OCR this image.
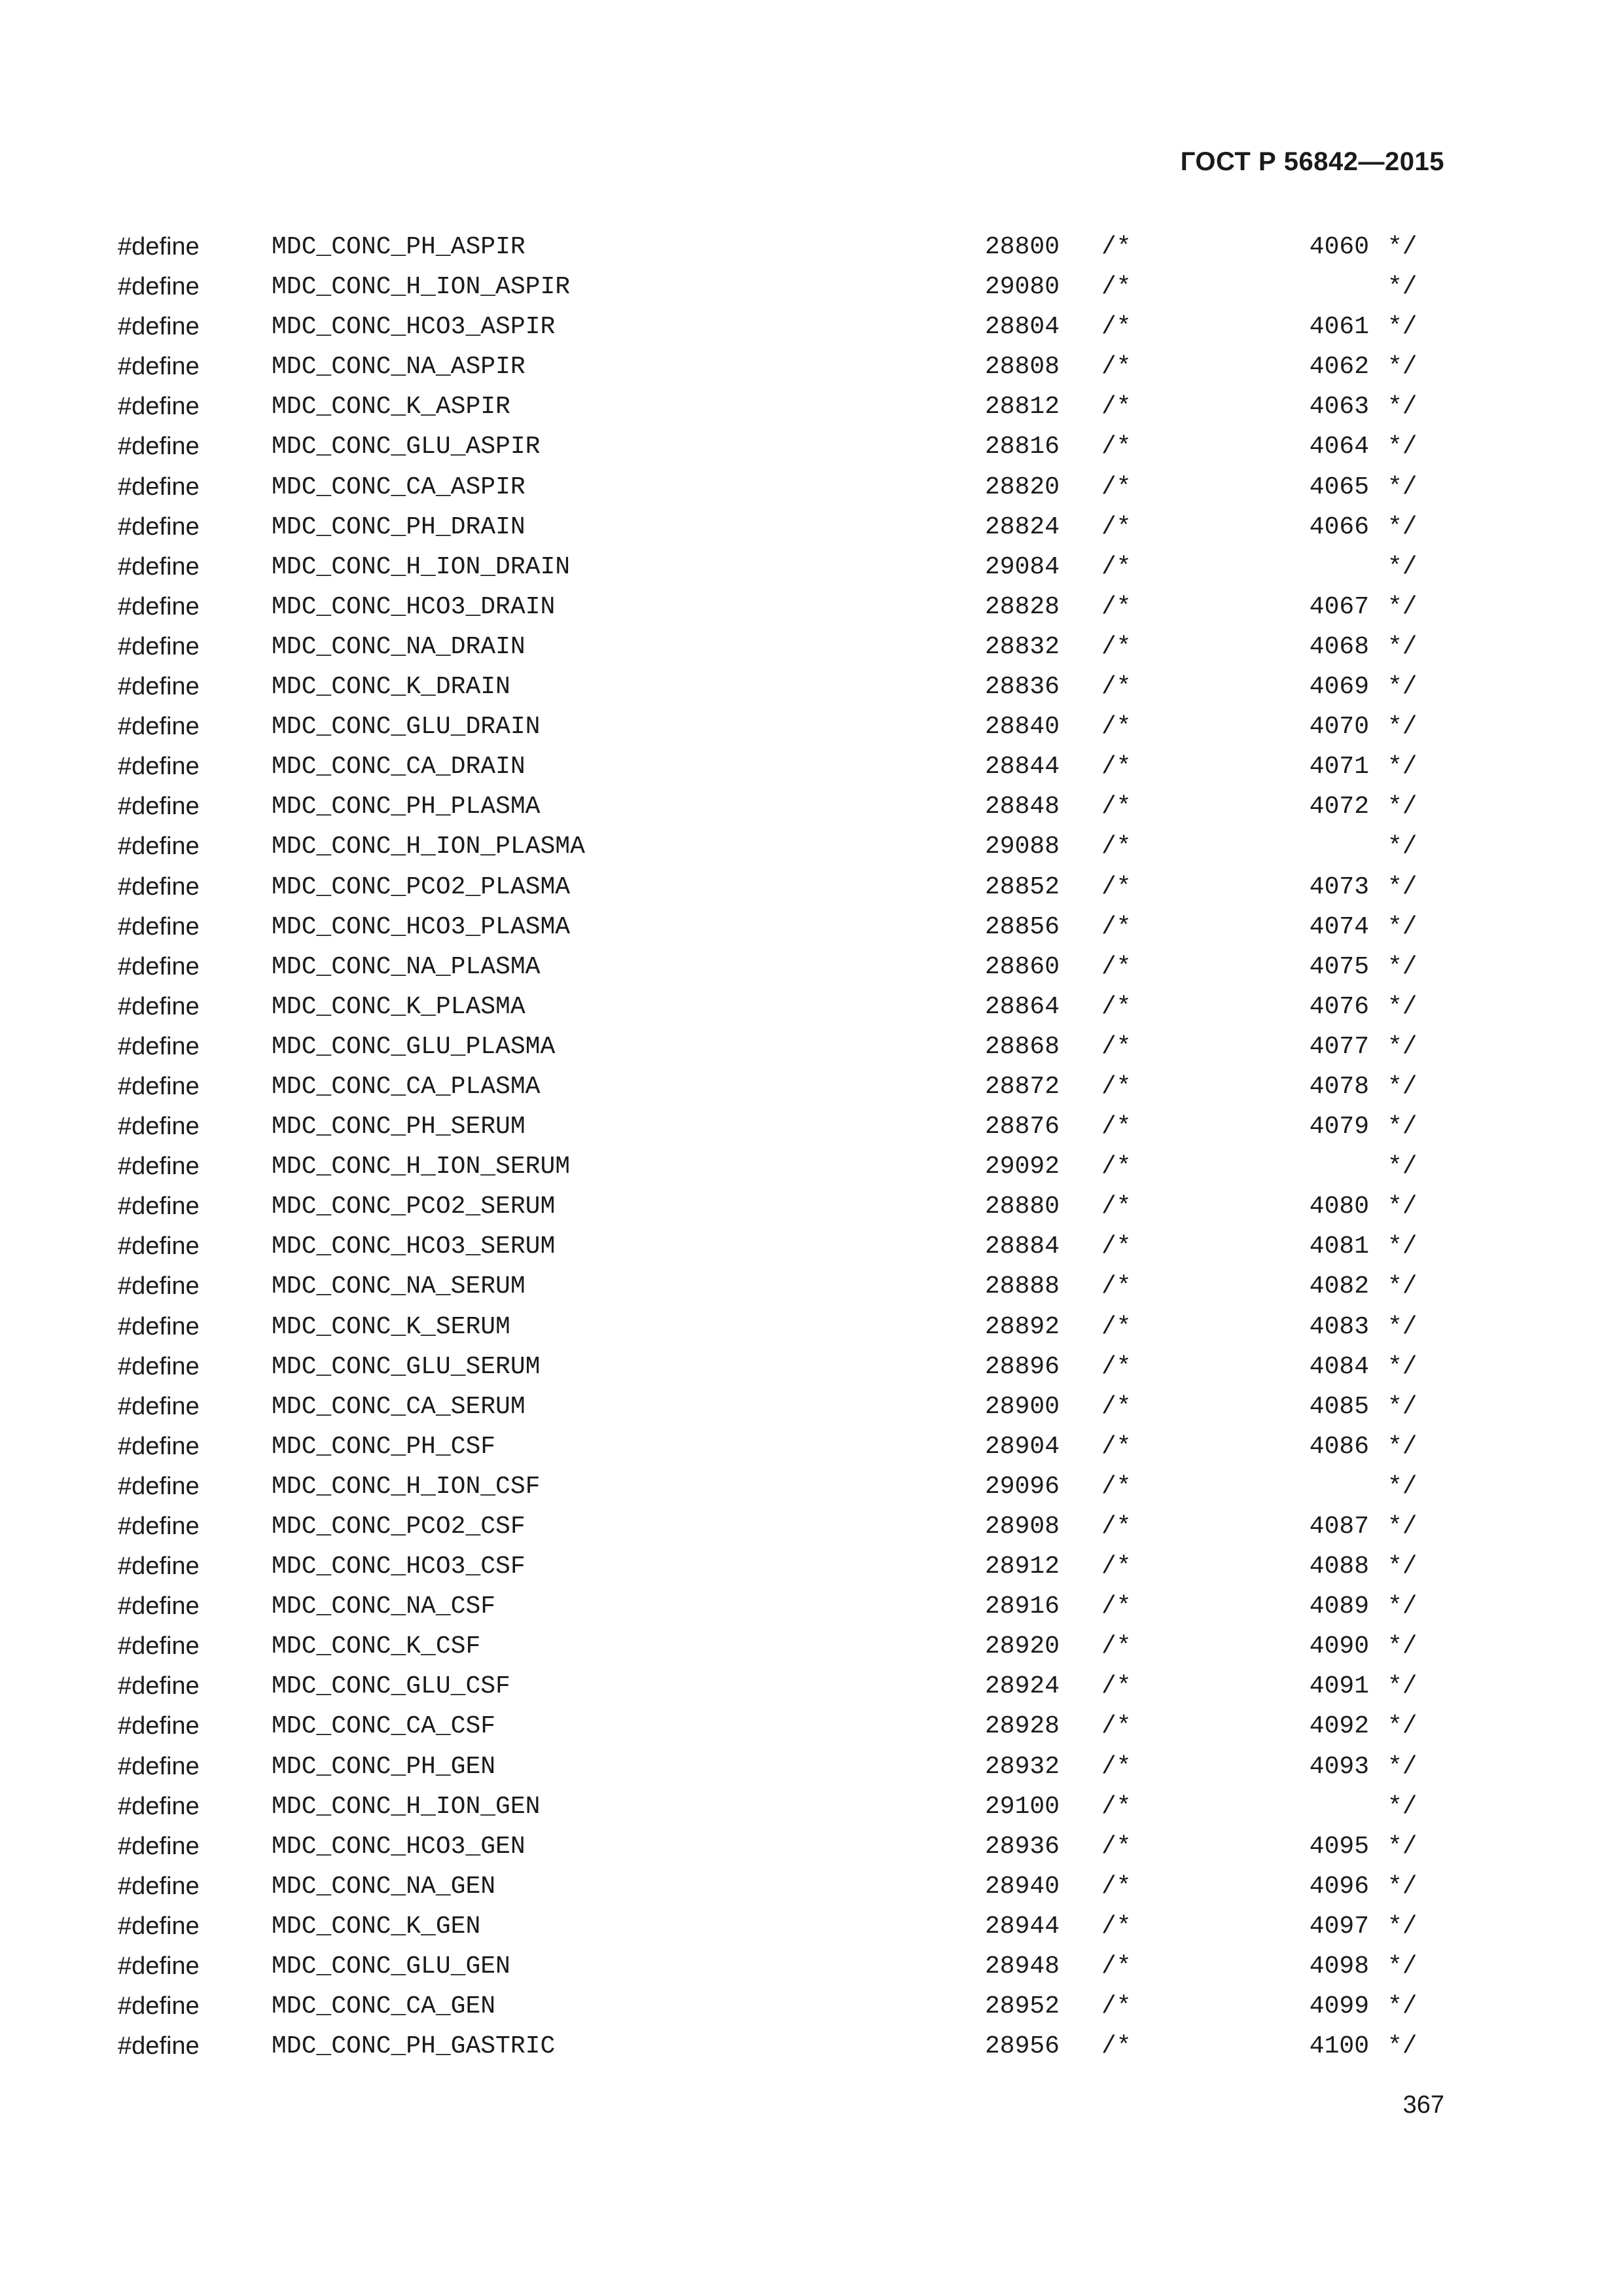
ГОСТ Р 56842—2015
#define	MDC_CONC_PH_ASPIR	28800 /*	4060 */
#define	MDC_CONC_H_ION_ASPIR	29080 /*	*/
#define	MDC_CONC_HCO3_ASPIR	28804 /*	4061 */
#define	MDC_CONC_NA_ASPIR	28808 /*	4062 */
#define	MDC_CONC_K_ASPIR	28812 /*	4063 */
#define	MDC_CONC_GLU_ASPIR	28816 /*	4064 */
#define	MDC_CONC_CA_ASPIR	28820 /*	4065 */
#define	MDC_CONC_PH_DRAIN	28824 /*	4066 */
#define	MDC_CONC_H_ION_DRAIN	29084 /*	*/
#define	MDC_CONC_HCO3_DRAIN	28828 /*	4067 */
#define	MDC_CONC_NA_DRAIN	28832 /*	4068 */
#define	MDC_CONC_K_DRAIN	28836 /*	4069 */
#define	MDC_CONC_GLU_DRAIN	28840 /*	4070 */
#define	MDC_CONC_CA_DRAIN	28844 /*	4071 */
#define	MDC_CONC_PH_PLASMA	28848 /*	4072 */
#define	MDC_CONC_H_ION_PLASMA	29088 /*	*/
#define	MDC_CONC_PCO2_PLASMA	28852 /*	4073 */
#define	MDC_CONC_HCO3_PLASMA	28856 /*	4074 */
#define	MDC_CONC_NA_PLASMA	28860 /*	4075 */
#define	MDC_CONC_K_PLASMA	28864 /*	4076 */
#define	MDC_CONC_GLU_PLASMA	28868 /*	4077 */
#define	MDC_CONC_CA_PLASMA	28872 /*	4078 */
#define	MDC_CONC_PH_SERUM	28876 /*	4079 */
#define	MDC_CONC_H_ION_SERUM	29092 /*	*/
#define	MDC_CONC_PCO2_SERUM	28880 /*	4080 */
#define	MDC_CONC_HCO3_SERUM	28884 /*	4081 */
#define	MDC_CONC_NA_SERUM	28888 /*	4082 */
#define	MDC_CONC_K_SERUM	28892 /*	4083 */
#define	MDC_CONC_GLU_SERUM	28896 /*	4084 */
#define	MDC_CONC_CA_SERUM	28900 /*	4085 */
#define	MDC_CONC_PH_CSF	28904 /*	4086 */
#define	MDC_CONC_H_ION_CSF	29096 /*	*/
#define	MDC_CONC_PCO2_CSF	28908 /*	4087 */
#define	MDC_CONC_HCO3_CSF	28912 /*	4088 */
#define	MDC_CONC_NA_CSF	28916 /*	4089 */
#define	MDC_CONC_K_CSF	28920 /*	4090 */
#define	MDC_CONC_GLU_CSF	28924 /*	4091 */
#define	MDC_CONC_CA_CSF	28928 /*	4092 */
#define	MDC_CONC_PH_GEN	28932 /*	4093 */
#define	MDC_CONC_H_ION_GEN	29100 /*	*/
#define	MDC_CONC_HCO3_GEN	28936 /*	4095 */
#define	MDC_CONC_NA_GEN	28940 /*	4096 */
#define	MDC_CONC_K_GEN	28944 /*	4097 */
#define	MDC_CONC_GLU_GEN	28948 /*	4098 */
#define	MDC_CONC_CA_GEN	28952 /*	4099 */
#define	MDC_CONC_PH_GASTRIC	28956 /*	4100 */
367
